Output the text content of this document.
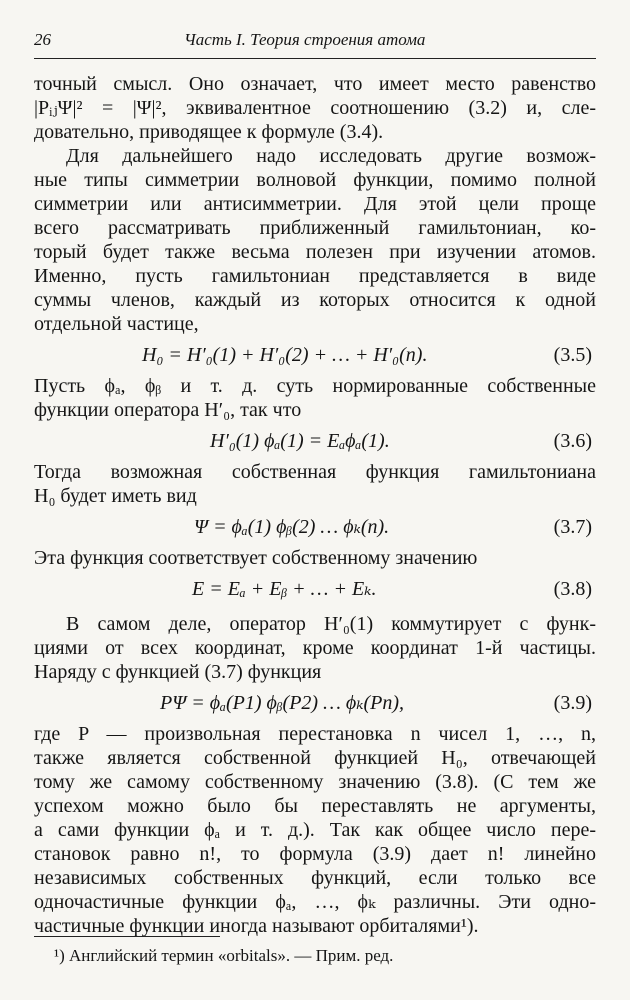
26	Часть I. Теория строения атома
точный смысл. Оно означает, что имеет место равенство
|PᵢⱼΨ|² = |Ψ|², эквивалентное соотношению (3.2) и, сле-
довательно, приводящее к формуле (3.4).
Для дальнейшего надо исследовать другие возмож-
ные типы симметрии волновой функции, помимо полной
симметрии или антисимметрии. Для этой цели проще
всего рассматривать приближенный гамильтониан, ко-
торый будет также весьма полезен при изучении атомов.
Именно, пусть гамильтониан представляется в виде
суммы членов, каждый из которых относится к одной
отдельной частице,
H₀ = H′₀(1) + H′₀(2) + … + H′₀(n).	(3.5)
Пусть ϕₐ, ϕᵦ и т. д. суть нормированные собственные
функции оператора H′₀, так что
H′₀(1) ϕₐ(1) = Eₐϕₐ(1).	(3.6)
Тогда возможная собственная функция гамильтониана
H₀ будет иметь вид
Ψ = ϕₐ(1) ϕᵦ(2) … ϕₖ(n).	(3.7)
Эта функция соответствует собственному значению
E = Eₐ + Eᵦ + … + Eₖ.	(3.8)
В самом деле, оператор H′₀(1) коммутирует с функ-
циями от всех координат, кроме координат 1-й частицы.
Наряду с функцией (3.7) функция
PΨ = ϕₐ(P1) ϕᵦ(P2) … ϕₖ(Pn),	(3.9)
где P — произвольная перестановка n чисел 1, …, n,
также является собственной функцией H₀, отвечающей
тому же самому собственному значению (3.8). (С тем же
успехом можно было бы переставлять не аргументы,
а сами функции ϕₐ и т. д.). Так как общее число пере-
становок равно n!, то формула (3.9) дает n! линейно
независимых собственных функций, если только все
одночастичные функции ϕₐ, …, ϕₖ различны. Эти одно-
частичные функции иногда называют орбиталями¹).
¹) Английский термин «orbitals». — Прим. ред.
